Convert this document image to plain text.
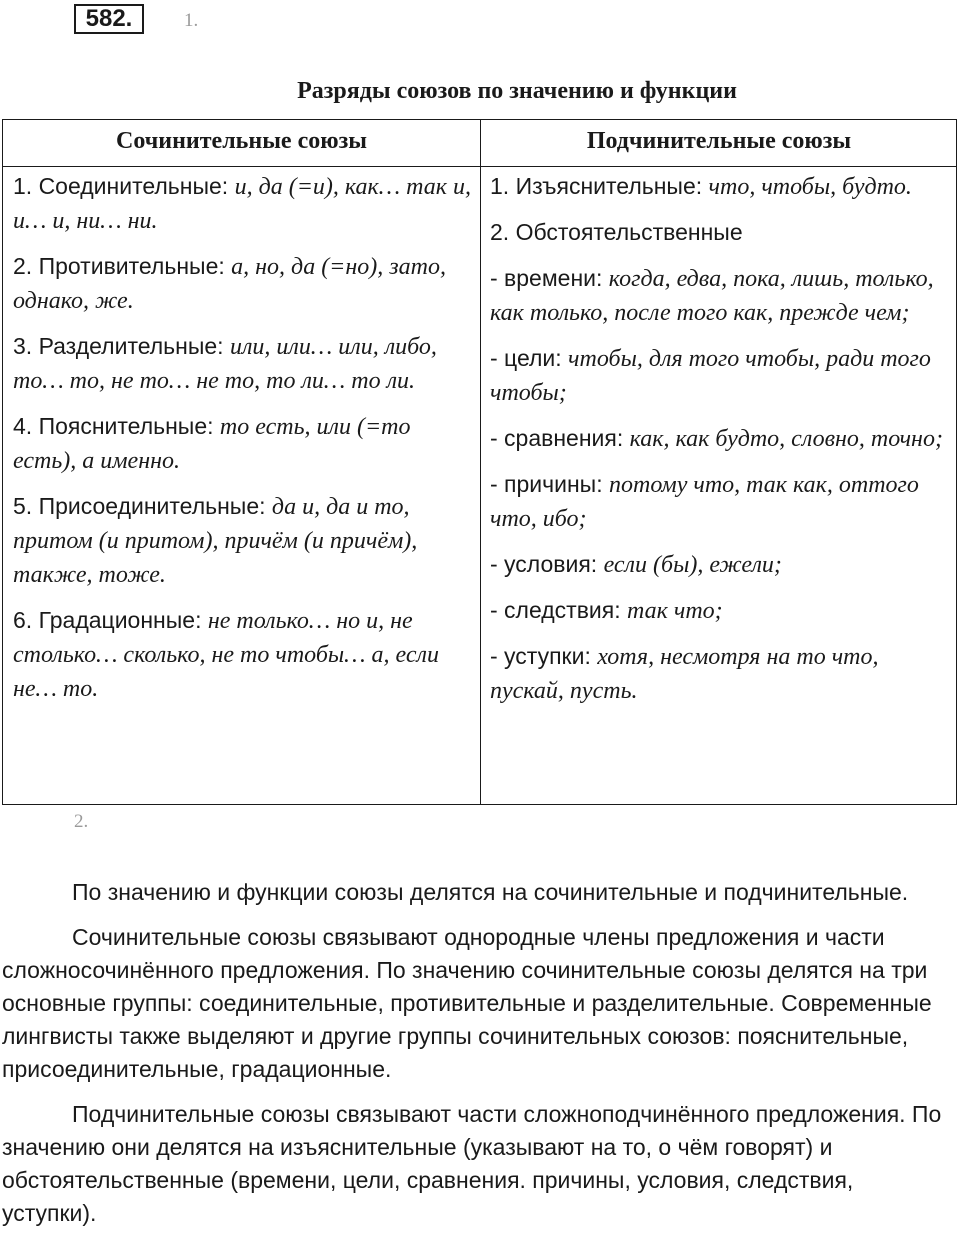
582.	1.
Разряды союзов по значению и функции
Сочинительные союзы	Подчинительные союзы
1. Соединительные: и, да (=и), как… так и, и… и, ни… ни.
2. Противительные: а, но, да (=но), зато, однако, же.
3. Разделительные: или, или… или, либо, то… то, не то… не то, то ли… то ли.
4. Пояснительные: то есть, или (=то есть), а именно.
5. Присоединительные: да и, да и то, притом (и притом), причём (и причём), также, тоже.
6. Градационные: не только… но и, не столько… сколько, не то чтобы… а, если не… то.
1. Изъяснительные: что, чтобы, будто.
2. Обстоятельственные
- времени: когда, едва, пока, лишь, только, как только, после того как, прежде чем;
- цели: чтобы, для того чтобы, ради того чтобы;
- сравнения: как, как будто, словно, точно;
- причины: потому что, так как, оттого что, ибо;
- условия: если (бы), ежели;
- следствия: так что;
- уступки: хотя, несмотря на то что, пускай, пусть.
2.

По значению и функции союзы делятся на сочинительные и подчинительные.

Сочинительные союзы связывают однородные члены предложения и части сложносочинённого предложения. По значению сочинительные союзы делятся на три основные группы: соединительные, противительные и разделительные. Современные лингвисты также выделяют и другие группы сочинительных союзов: пояснительные, присоединительные, градационные.

Подчинительные союзы связывают части сложноподчинённого предложения. По значению они делятся на изъяснительные (указывают на то, о чём говорят) и обстоятельственные (времени, цели, сравнения. причины, условия, следствия, уступки).
